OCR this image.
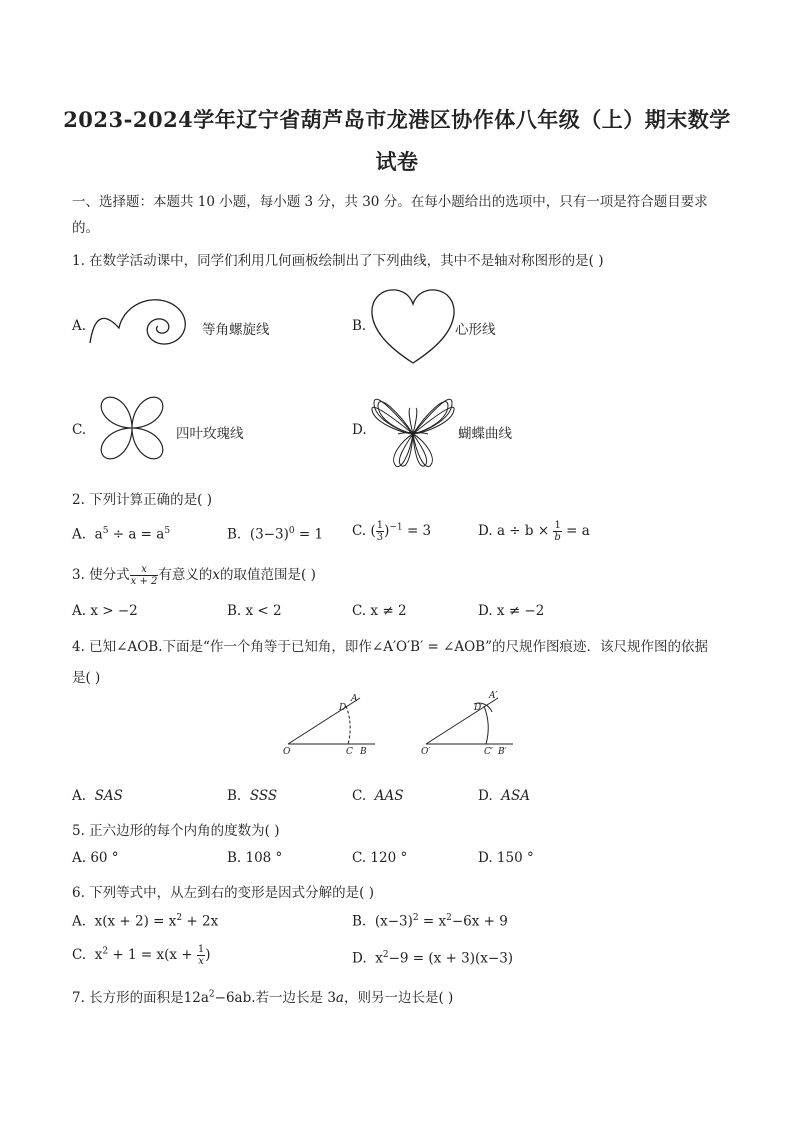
2023-2024学年辽宁省葫芦岛市龙港区协作体八年级（上）期末数学
试卷
一、选择题：本题共 10 小题，每小题 3 分，共 30 分。在每小题给出的选项中，只有一项是符合题目要求
的。
1. 在数学活动课中，同学们利用几何画板绘制出了下列曲线，其中不是轴对称图形的是( )
A.	等角螺旋线	B.	心形线
C.	四叶玫瑰线	D.	蝴蝶曲线
2. 下列计算正确的是( )
A. $a^5 \div a = a^5$	B. $(3-3)^0 = 1$ C. ( $\frac{1}{3} )^{-1} = 3$	D. $a \div b \times \frac{1}{b} = a$
3. 使分式 $\frac{x}{x + 2}$ 有意义的x的取值范围是( )
A. x > −2	B. x < 2	C. x ≠ 2	D. x ≠ −2
4. 已知∠AOB.下面是“作一个角等于已知角，即作∠A′O′B′ = ∠AOB”的尺规作图痕迹．该尺规作图的依据
是( )
O	C B
D
A
O′	C′ B′
D′
A′
A. SAS	B. SSS	C. AAS	D. ASA
5. 正六边形的每个内角的度数为( )
A. 60 °	B. 108 °	C. 120 °	D. 150 °
6. 下列等式中，从左到右的变形是因式分解的是( )
A. $x(x + 2) = x^2 + 2x$	B. $(x-3)^2 = x^2-6x + 9$
C. $x^2 + 1 = x(x + \frac{1}{x}$ )	D. $x^2-9 = (x + 3)(x-3)$
7. 长方形的面积是$12a^2-6ab$.若一边长是 3a，则另一边长是( )
